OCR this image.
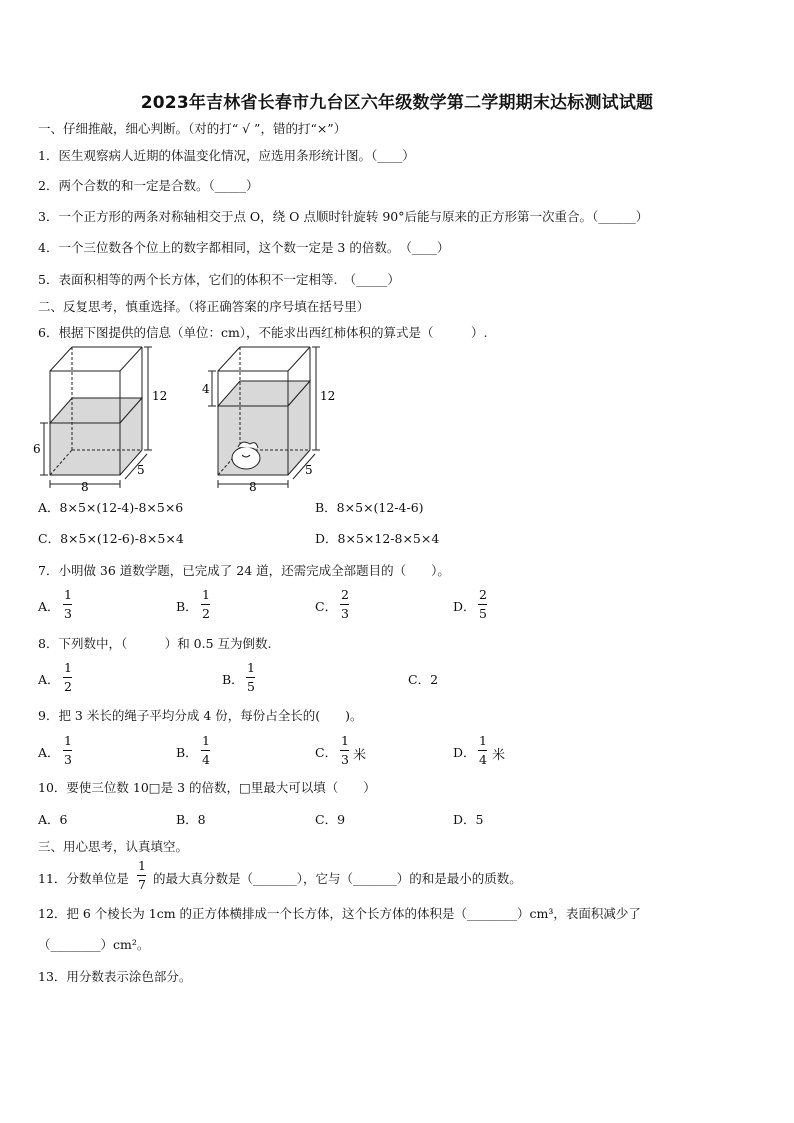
2023年吉林省长春市九台区六年级数学第二学期期末达标测试试题
一、仔细推敲，细心判断。（对的打“ √ ”，错的打“×”）
1．医生观察病人近期的体温变化情况，应选用条形统计图。（____）
2．两个合数的和一定是合数。（_____）
3．一个正方形的两条对称轴相交于点 O，绕 O 点顺时针旋转 90°后能与原来的正方形第一次重合。（______）
4．一个三位数各个位上的数字都相同，这个数一定是 3 的倍数。　（____）
5．表面积相等的两个长方体，它们的体积不一定相等.　（_____）
二、反复思考，慎重选择。（将正确答案的序号填在括号里）
6．根据下图提供的信息（单位：cm），不能求出西红柿体积的算式是（　　　）.
12
6
5
8
12
4
5
8
A．8×5×(12-4)-8×5×6	B．8×5×(12-4-6)
C．8×5×(12-6)-8×5×4	D．8×5×12-8×5×4
7．小明做 36 道数学题，已完成了 24 道，还需完成全部题目的（　　）。
A．
1
3	B．
1
2	C．
2
3	D．
2
5
8．下列数中，（　　　）和 0.5 互为倒数.
A．
1
2	B．
1
5	C．2
9．把 3 米长的绳子平均分成 4 份，每份占全长的(　　)。
A．
1
3	B．
1
4	C．
1
3 米	D．
1
4 米
10．要使三位数 10□是 3 的倍数，□里最大可以填（　　）
A．6	B．8	C．9	D．5
三、用心思考，认真填空。
11．分数单位是
1
7 的最大真分数是（_______），它与（_______）的和是最小的质数。
12．把 6 个棱长为 1cm 的正方体横排成一个长方体，这个长方体的体积是（________）cm³，表面积减少了
（________）cm²。
13．用分数表示涂色部分。
